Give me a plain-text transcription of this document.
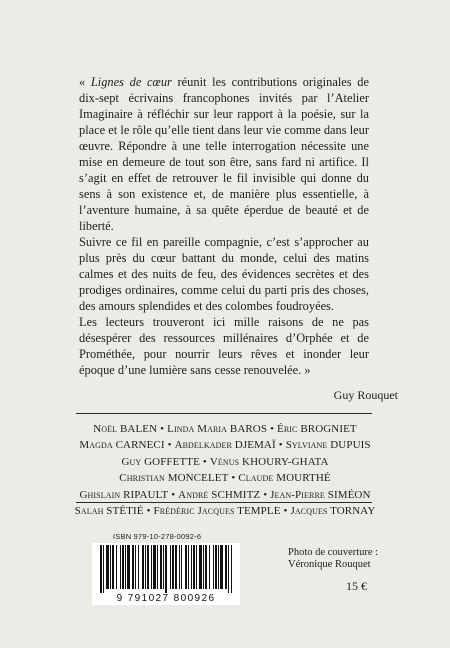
« Lignes de cœur réunit les contributions originales de dix-sept écrivains francophones invités par l’Atelier Imaginaire à réfléchir sur leur rapport à la poésie, sur la place et le rôle qu’elle tient dans leur vie comme dans leur œuvre. Répondre à une telle interrogation nécessite une mise en demeure de tout son être, sans fard ni artifice. Il s’agit en effet de retrouver le fil invisible qui donne du sens à son existence et, de manière plus essentielle, à l’aventure humaine, à sa quête éperdue de beauté et de liberté.

Suivre ce fil en pareille compagnie, c’est s’approcher au plus près du cœur battant du monde, celui des matins calmes et des nuits de feu, des évidences secrètes et des prodiges ordinaires, comme celui du parti pris des choses, des amours splendides et des colombes foudroyées.

Les lecteurs trouveront ici mille raisons de ne pas désespérer des ressources millénaires d’Orphée et de Prométhée, pour nourrir leurs rêves et inonder leur époque d’une lumière sans cesse renouvelée. »

Guy Rouquet
Noël BALEN • Linda Maria BAROS • Éric BROGNIET
Magda CARNECI • Abdelkader DJEMAÏ • Sylviane DUPUIS
Guy GOFFETTE • Vénus KHOURY-GHATA
Christian MONCELET • Claude MOURTHÉ
Ghislain RIPAULT • André SCHMITZ • Jean-Pierre SIMÉON
Salah STÉTIÉ • Frédéric Jacques TEMPLE • Jacques TORNAY
ISBN 979-10-278-0092-6
9 791027 800926
Photo de couverture :
Véronique Rouquet
15 €
